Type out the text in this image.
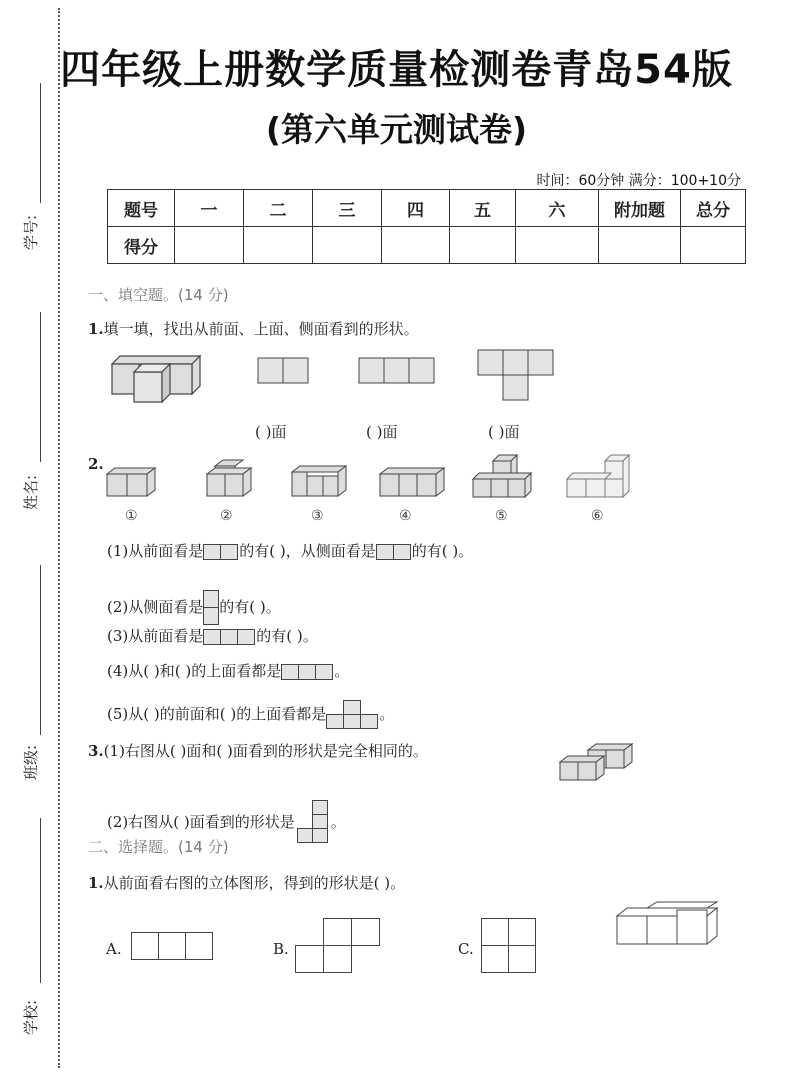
学号:
姓名:
班级:
学校:
四年级上册数学质量检测卷青岛54版
(第六单元测试卷)
时间：60分钟 满分：100+10分
题号	一	二	三	四	五	六	附加题	总分
得分								
一、填空题。(14 分)
1.填一填，找出从前面、上面、侧面看到的形状。
( )面	( )面	( )面
2.
①	②	③	④	⑤	⑥
(1)从前面看是 的有( )，从侧面看是 的有( )。
(2)从侧面看是 的有( )。
(3)从前面看是	的有( )。
(4)从( )和( )的上面看都是	。
(5)从( )的前面和( )的上面看都是	。
3.(1)右图从( )面和( )面看到的形状是完全相同的。
(2)右图从( )面看到的形状是 。
二、选择题。(14 分)
1.从前面看右图的立体图形，得到的形状是( )。
A.	B.	C.
